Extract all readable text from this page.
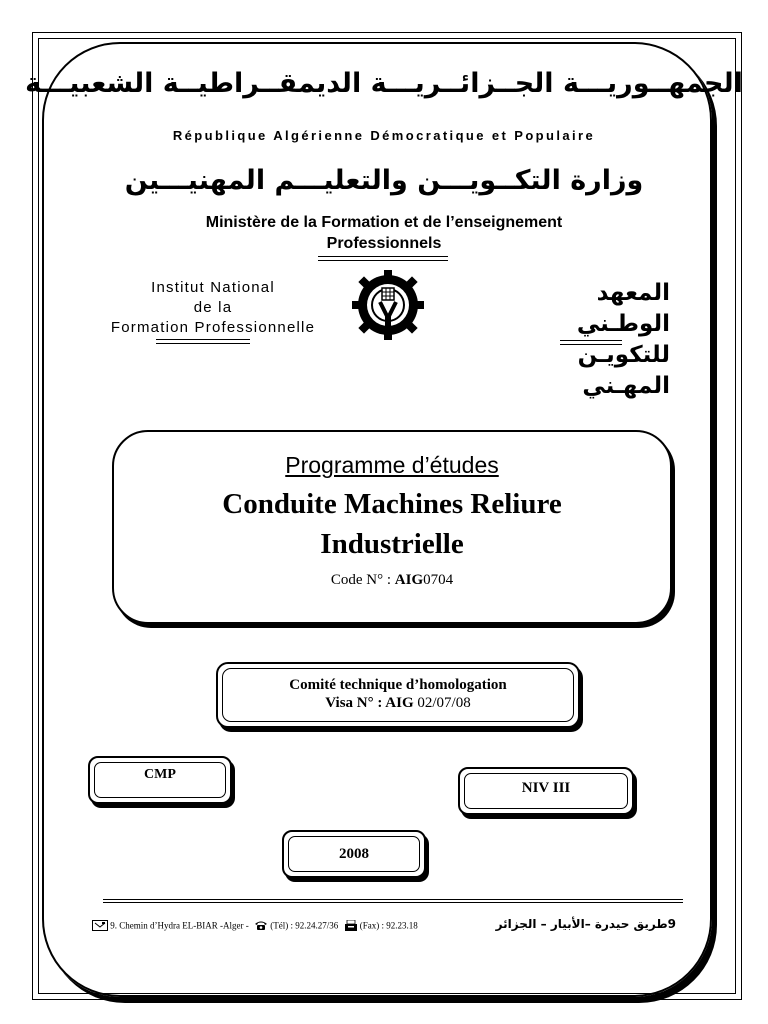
الجمهــوريـــة الجــزائــريـــة الديمقــراطيــة الشعبيـــة
République Algérienne Démocratique et Populaire
وزارة التكــويـــن والتعليـــم المهنيـــين
Ministère de la Formation et de l’enseignement
Professionnels
Institut National
de la
Formation Professionnelle
المعهد الوطـني
للتكويـن المهـني
Programme d’études
Conduite Machines Reliure
Industrielle
Code N° : AIG0704
Comité technique d’homologation
Visa N° : AIG 02/07/08
CMP
NIV III
2008
9. Chemin d’Hydra EL-BIAR -Alger - (Tél) : 92.24.27/36 (Fax) : 92.23.18	9طريق حيدرة –الأبيار – الجزائر
